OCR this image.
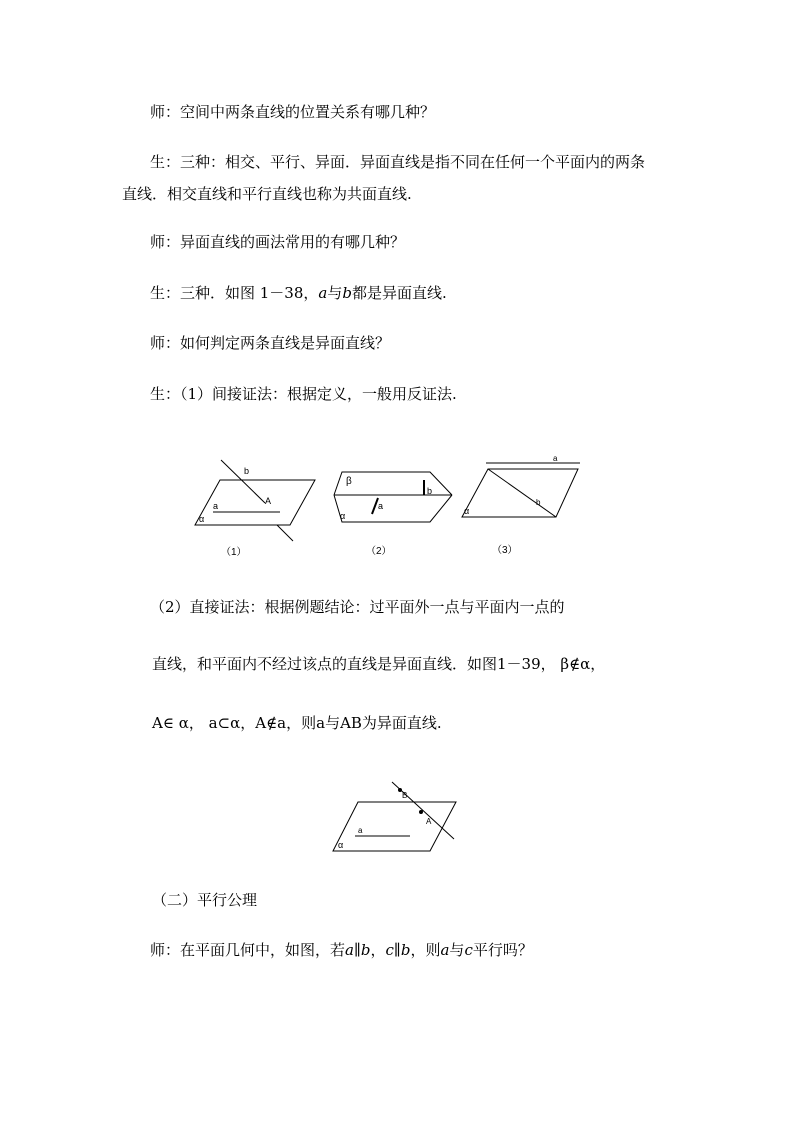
师：空间中两条直线的位置关系有哪几种？
生：三种：相交、平行、异面．异面直线是指不同在任何一个平面内的两条
直线．相交直线和平行直线也称为共面直线.
师：异面直线的画法常用的有哪几种？
生：三种．如图 1－38，a与b都是异面直线.
师：如何判定两条直线是异面直线？
生：（1）间接证法：根据定义，一般用反证法.
b
A
a
α
（1）
β
b
a
α
（2）
a
b
α
（3）
（2）直接证法：根据例题结论：过平面外一点与平面内一点的
直线，和平面内不经过该点的直线是异面直线．如图1－39， β∉α，
A∈ α， a⊂α，A∉a，则a与AB为异面直线.
B
A
a
α
（二）平行公理
师：在平面几何中，如图，若a∥b，c∥b，则a与c平行吗？
